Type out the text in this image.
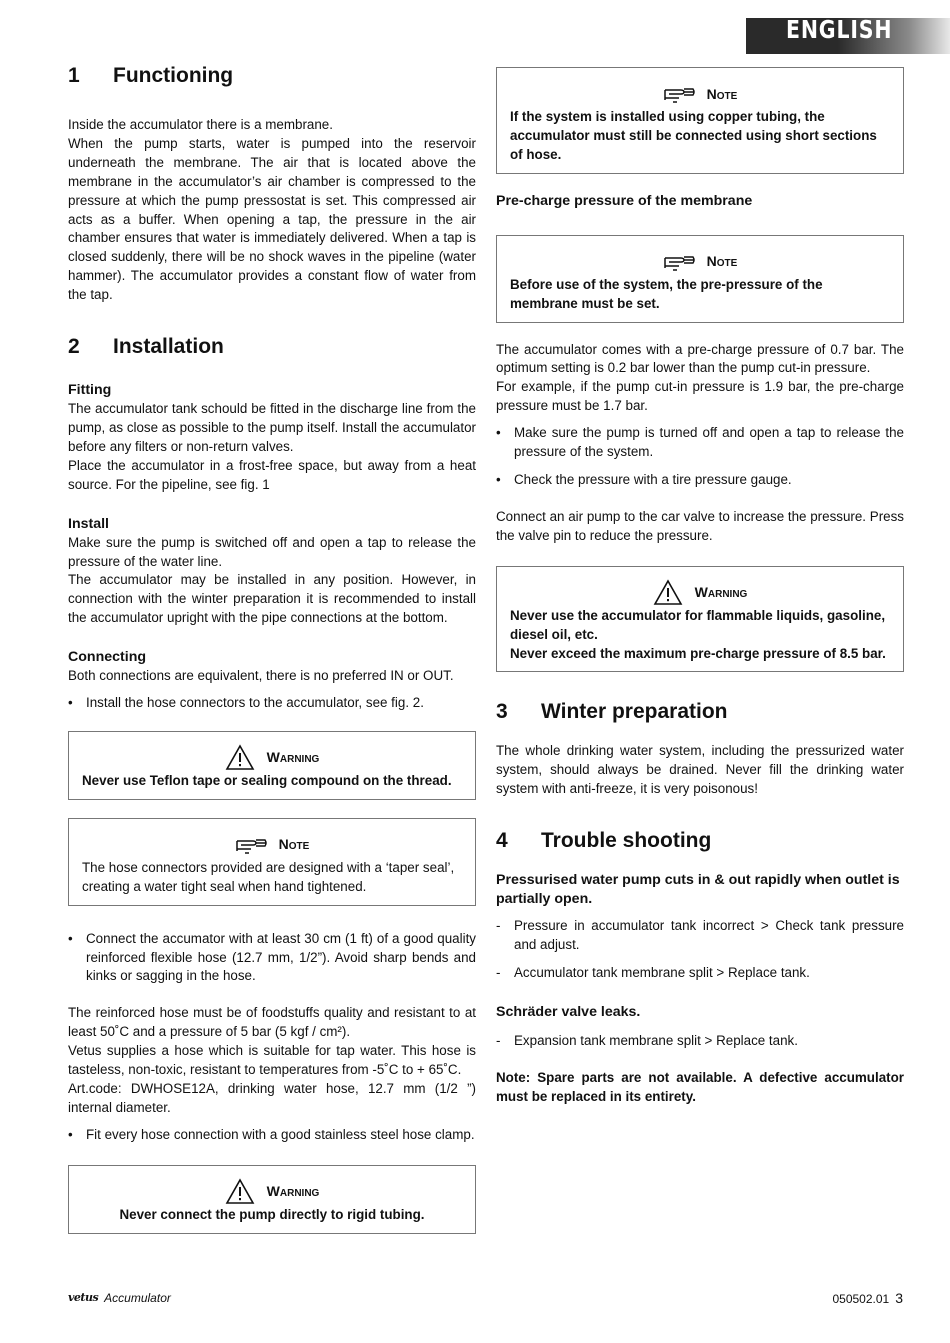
ENGLISH
1	Functioning

Inside the accumulator there is a membrane.

When the pump starts, water is pumped into the reservoir underneath the membrane. The air that is located above the membrane in the accumulator’s air chamber is compressed to the pressure at which the pump pressostat is set. This compressed air acts as a buffer. When opening a tap, the pressure in the air chamber ensures that water is immediately delivered. When a tap is closed suddenly, there will be no shock waves in the pipeline (water hammer). The accumulator provides a constant flow of water from the tap.

2	Installation
Fitting

The accumulator tank schould be fitted in the discharge line from the pump, as close as possible to the pump itself. Install the accumulator before any filters or non-return valves.

Place the accumulator in a frost-free space, but away from a heat source. For the pipeline, see fig. 1

Install

Make sure the pump is switched off and open a tap to release the pressure of the water line.

The accumulator may be installed in any position. However, in connection with the winter preparation it is recommended to install the accumulator upright with the pipe connections at the bottom.

Connecting

Both connections are equivalent, there is no preferred IN or OUT.

• Install the hose connectors to the accumulator, see fig. 2.
Warning
Never use Teflon tape or sealing compound on the thread.
Note
The hose connectors provided are designed with a ‘taper seal’, creating a water tight seal when hand tightened.
• Connect the accumator with at least 30 cm (1 ft) of a good quality reinforced flexible hose (12.7 mm, 1/2”). Avoid sharp bends and kinks or sagging in the hose.

The reinforced hose must be of foodstuffs quality and resistant to at least 50˚C and a pressure of 5 bar (5 kgf / cm²).

Vetus supplies a hose which is suitable for tap water. This hose is tasteless, non-toxic, resistant to temperatures from -5˚C to + 65˚C.

Art.code: DWHOSE12A, drinking water hose, 12.7 mm (1/2 ”) internal diameter.

• Fit every hose connection with a good stainless steel hose clamp.
Warning
Never connect the pump directly to rigid tubing.
Note
If the system is installed using copper tubing, the accumulator must still be connected using short sections of hose.
Pre-charge pressure of the membrane
Note
Before use of the system, the pre-pressure of the membrane must be set.

The accumulator comes with a pre-charge pressure of 0.7 bar. The optimum setting is 0.2 bar lower than the pump cut-in pressure.

For example, if the pump cut-in pressure is 1.9 bar, the pre-charge pressure must be 1.7 bar.

• Make sure the pump is turned off and open a tap to release the pressure of the system.
• Check the pressure with a tire pressure gauge.

Connect an air pump to the car valve to increase the pressure. Press the valve pin to reduce the pressure.

Warning
Never use the accumulator for flammable liquids, gasoline, diesel oil, etc.
Never exceed the maximum pre-charge pressure of 8.5 bar.
3	Winter preparation

The whole drinking water system, including the pressurized water system, should always be drained. Never fill the drinking water system with anti-freeze, it is very poisonous!

4	Trouble shooting
Pressurised water pump cuts in & out rapidly when outlet is partially open.
- Pressure in accumulator tank incorrect > Check tank pressure and adjust.
- Accumulator tank membrane split > Replace tank.
Schräder valve leaks.
- Expansion tank membrane split > Replace tank.

Note: Spare parts are not available. A defective accumulator must be replaced in its entirety.

vetus Accumulator	050502.01 3
